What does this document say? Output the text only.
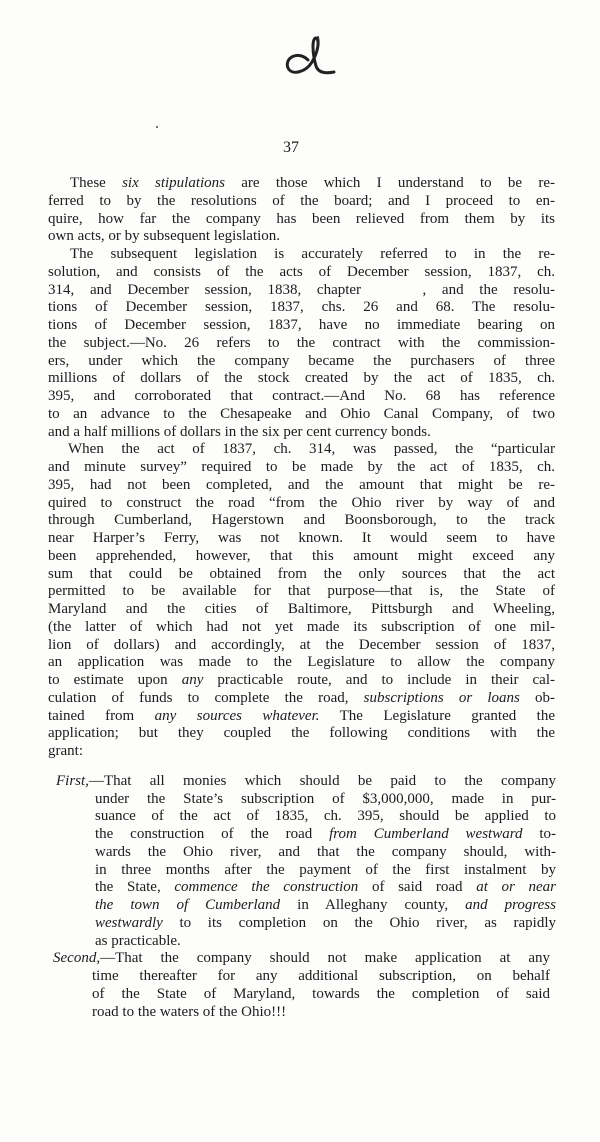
37
These six stipulations are those which I understand to be re-
ferred to by the resolutions of the board; and I proceed to en-
quire, how far the company has been relieved from them by its
own acts, or by subsequent legislation.
The subsequent legislation is accurately referred to in the re-
solution, and consists of the acts of December session, 1837, ch.
314, and December session, 1838, chapter    , and the resolu-
tions of December session, 1837, chs. 26 and 68. The resolu-
tions of December session, 1837, have no immediate bearing on
the subject.—No. 26 refers to the contract with the commission-
ers, under which the company became the purchasers of three
millions of dollars of the stock created by the act of 1835, ch.
395, and corroborated that contract.—And No. 68 has reference
to an advance to the Chesapeake and Ohio Canal Company, of two
and a half millions of dollars in the six per cent currency bonds.
When the act of 1837, ch. 314, was passed, the “particular
and minute survey” required to be made by the act of 1835, ch.
395, had not been completed, and the amount that might be re-
quired to construct the road “from the Ohio river by way of and
through Cumberland, Hagerstown and Boonsborough, to the track
near Harper’s Ferry, was not known. It would seem to have
been apprehended, however, that this amount might exceed any
sum that could be obtained from the only sources that the act
permitted to be available for that purpose—that is, the State of
Maryland and the cities of Baltimore, Pittsburgh and Wheeling,
(the latter of which had not yet made its subscription of one mil-
lion of dollars) and accordingly, at the December session of 1837,
an application was made to the Legislature to allow the company
to estimate upon any practicable route, and to include in their cal-
culation of funds to complete the road, subscriptions or loans ob-
tained from any sources whatever. The Legislature granted the
application; but they coupled the following conditions with the
grant:
First,—That all monies which should be paid to the company
under the State’s subscription of $3,000,000, made in pur-
suance of the act of 1835, ch. 395, should be applied to
the construction of the road from Cumberland westward to-
wards the Ohio river, and that the company should, with-
in three months after the payment of the first instalment by
the State, commence the construction of said road at or near
the town of Cumberland in Alleghany county, and progress
westwardly to its completion on the Ohio river, as rapidly
as practicable.
Second,—That the company should not make application at any
time thereafter for any additional subscription, on behalf
of the State of Maryland, towards the completion of said
road to the waters of the Ohio!!!
